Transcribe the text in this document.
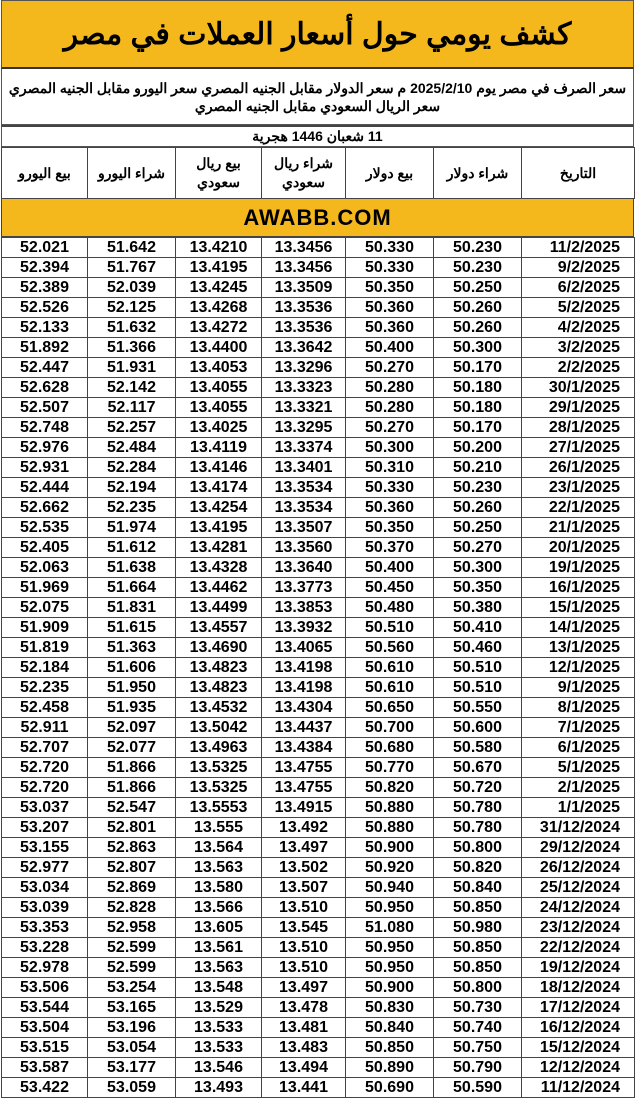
كشف يومي حول أسعار العملات في مصر
سعر الصرف في مصر يوم 2025/2/10 م سعر الدولار مقابل الجنيه المصري سعر اليورو مقابل الجنيه المصري سعر الريال السعودي مقابل الجنيه المصري
11 شعبان 1446 هجرية
بيع اليورو	شراء اليورو	بيع ريال سعودي	شراء ريال سعودي	بيع دولار	شراء دولار	التاريخ
AWABB.COM
52.021	51.642	13.4210	13.3456	50.330	50.230	11/2/2025
52.394	51.767	13.4195	13.3456	50.330	50.230	9/2/2025
52.389	52.039	13.4245	13.3509	50.350	50.250	6/2/2025
52.526	52.125	13.4268	13.3536	50.360	50.260	5/2/2025
52.133	51.632	13.4272	13.3536	50.360	50.260	4/2/2025
51.892	51.366	13.4400	13.3642	50.400	50.300	3/2/2025
52.447	51.931	13.4053	13.3296	50.270	50.170	2/2/2025
52.628	52.142	13.4055	13.3323	50.280	50.180	30/1/2025
52.507	52.117	13.4055	13.3321	50.280	50.180	29/1/2025
52.748	52.257	13.4025	13.3295	50.270	50.170	28/1/2025
52.976	52.484	13.4119	13.3374	50.300	50.200	27/1/2025
52.931	52.284	13.4146	13.3401	50.310	50.210	26/1/2025
52.444	52.194	13.4174	13.3534	50.330	50.230	23/1/2025
52.662	52.235	13.4254	13.3534	50.360	50.260	22/1/2025
52.535	51.974	13.4195	13.3507	50.350	50.250	21/1/2025
52.405	51.612	13.4281	13.3560	50.370	50.270	20/1/2025
52.063	51.638	13.4328	13.3640	50.400	50.300	19/1/2025
51.969	51.664	13.4462	13.3773	50.450	50.350	16/1/2025
52.075	51.831	13.4499	13.3853	50.480	50.380	15/1/2025
51.909	51.615	13.4557	13.3932	50.510	50.410	14/1/2025
51.819	51.363	13.4690	13.4065	50.560	50.460	13/1/2025
52.184	51.606	13.4823	13.4198	50.610	50.510	12/1/2025
52.235	51.950	13.4823	13.4198	50.610	50.510	9/1/2025
52.458	51.935	13.4532	13.4304	50.650	50.550	8/1/2025
52.911	52.097	13.5042	13.4437	50.700	50.600	7/1/2025
52.707	52.077	13.4963	13.4384	50.680	50.580	6/1/2025
52.720	51.866	13.5325	13.4755	50.770	50.670	5/1/2025
52.720	51.866	13.5325	13.4755	50.820	50.720	2/1/2025
53.037	52.547	13.5553	13.4915	50.880	50.780	1/1/2025
53.207	52.801	13.555	13.492	50.880	50.780	31/12/2024
53.155	52.863	13.564	13.497	50.900	50.800	29/12/2024
52.977	52.807	13.563	13.502	50.920	50.820	26/12/2024
53.034	52.869	13.580	13.507	50.940	50.840	25/12/2024
53.039	52.828	13.566	13.510	50.950	50.850	24/12/2024
53.353	52.958	13.605	13.545	51.080	50.980	23/12/2024
53.228	52.599	13.561	13.510	50.950	50.850	22/12/2024
52.978	52.599	13.563	13.510	50.950	50.850	19/12/2024
53.506	53.254	13.548	13.497	50.900	50.800	18/12/2024
53.544	53.165	13.529	13.478	50.830	50.730	17/12/2024
53.504	53.196	13.533	13.481	50.840	50.740	16/12/2024
53.515	53.054	13.533	13.483	50.850	50.750	15/12/2024
53.587	53.177	13.546	13.494	50.890	50.790	12/12/2024
53.422	53.059	13.493	13.441	50.690	50.590	11/12/2024
